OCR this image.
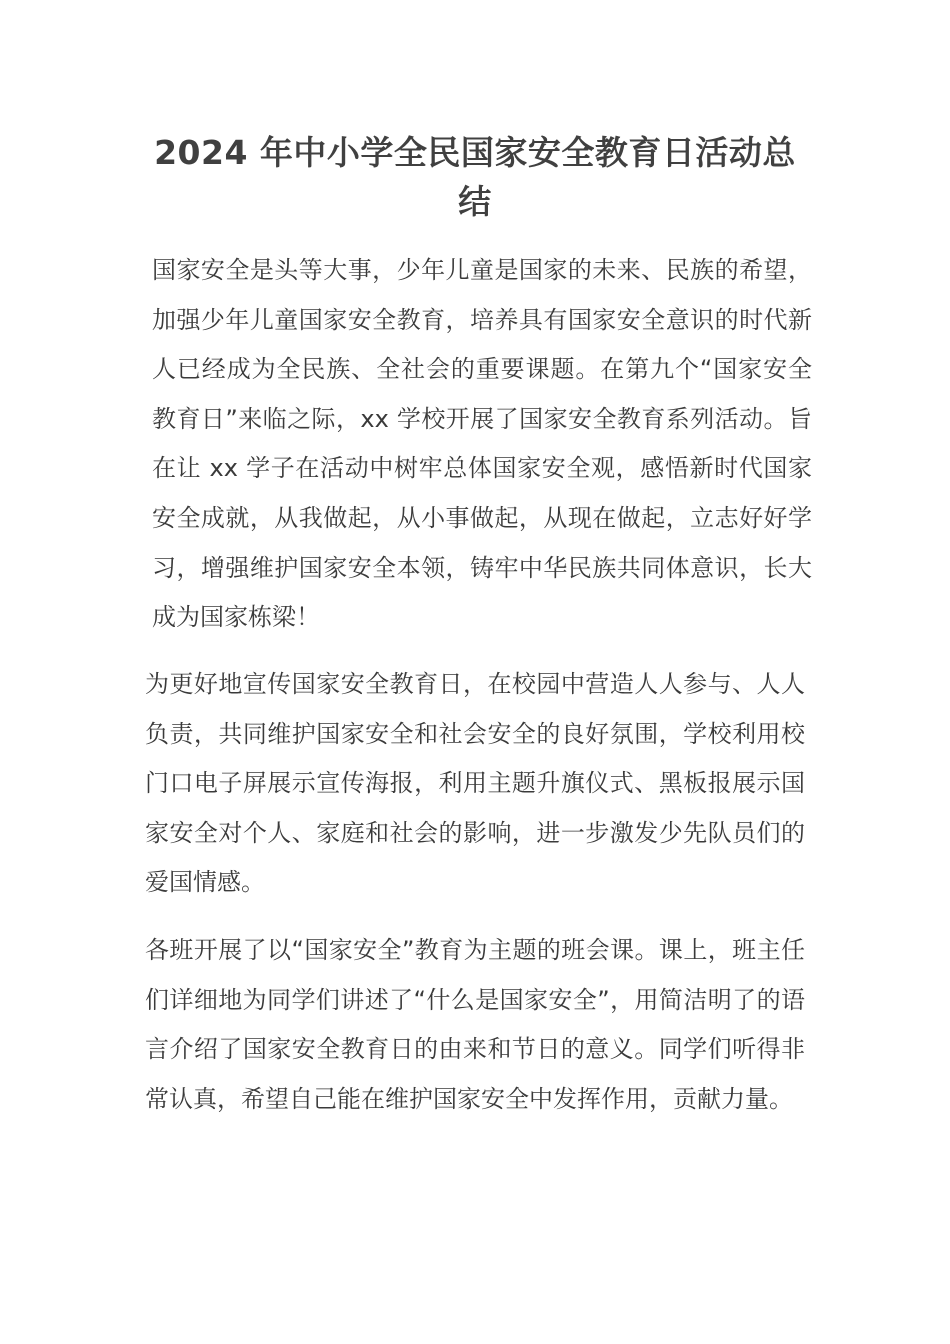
2024 年中小学全民国家安全教育日活动总结

国家安全是头等大事，少年儿童是国家的未来、民族的希望，加强少年儿童国家安全教育，培养具有国家安全意识的时代新人已经成为全民族、全社会的重要课题。在第九个“国家安全教育日”来临之际，xx 学校开展了国家安全教育系列活动。旨在让 xx 学子在活动中树牢总体国家安全观，感悟新时代国家安全成就，从我做起，从小事做起，从现在做起，立志好好学习，增强维护国家安全本领，铸牢中华民族共同体意识，长大成为国家栋梁！

为更好地宣传国家安全教育日，在校园中营造人人参与、人人负责，共同维护国家安全和社会安全的良好氛围，学校利用校门口电子屏展示宣传海报，利用主题升旗仪式、黑板报展示国家安全对个人、家庭和社会的影响，进一步激发少先队员们的爱国情感。

各班开展了以“国家安全”教育为主题的班会课。课上，班主任们详细地为同学们讲述了“什么是国家安全”，用简洁明了的语言介绍了国家安全教育日的由来和节日的意义。同学们听得非常认真，希望自己能在维护国家安全中发挥作用，贡献力量。
